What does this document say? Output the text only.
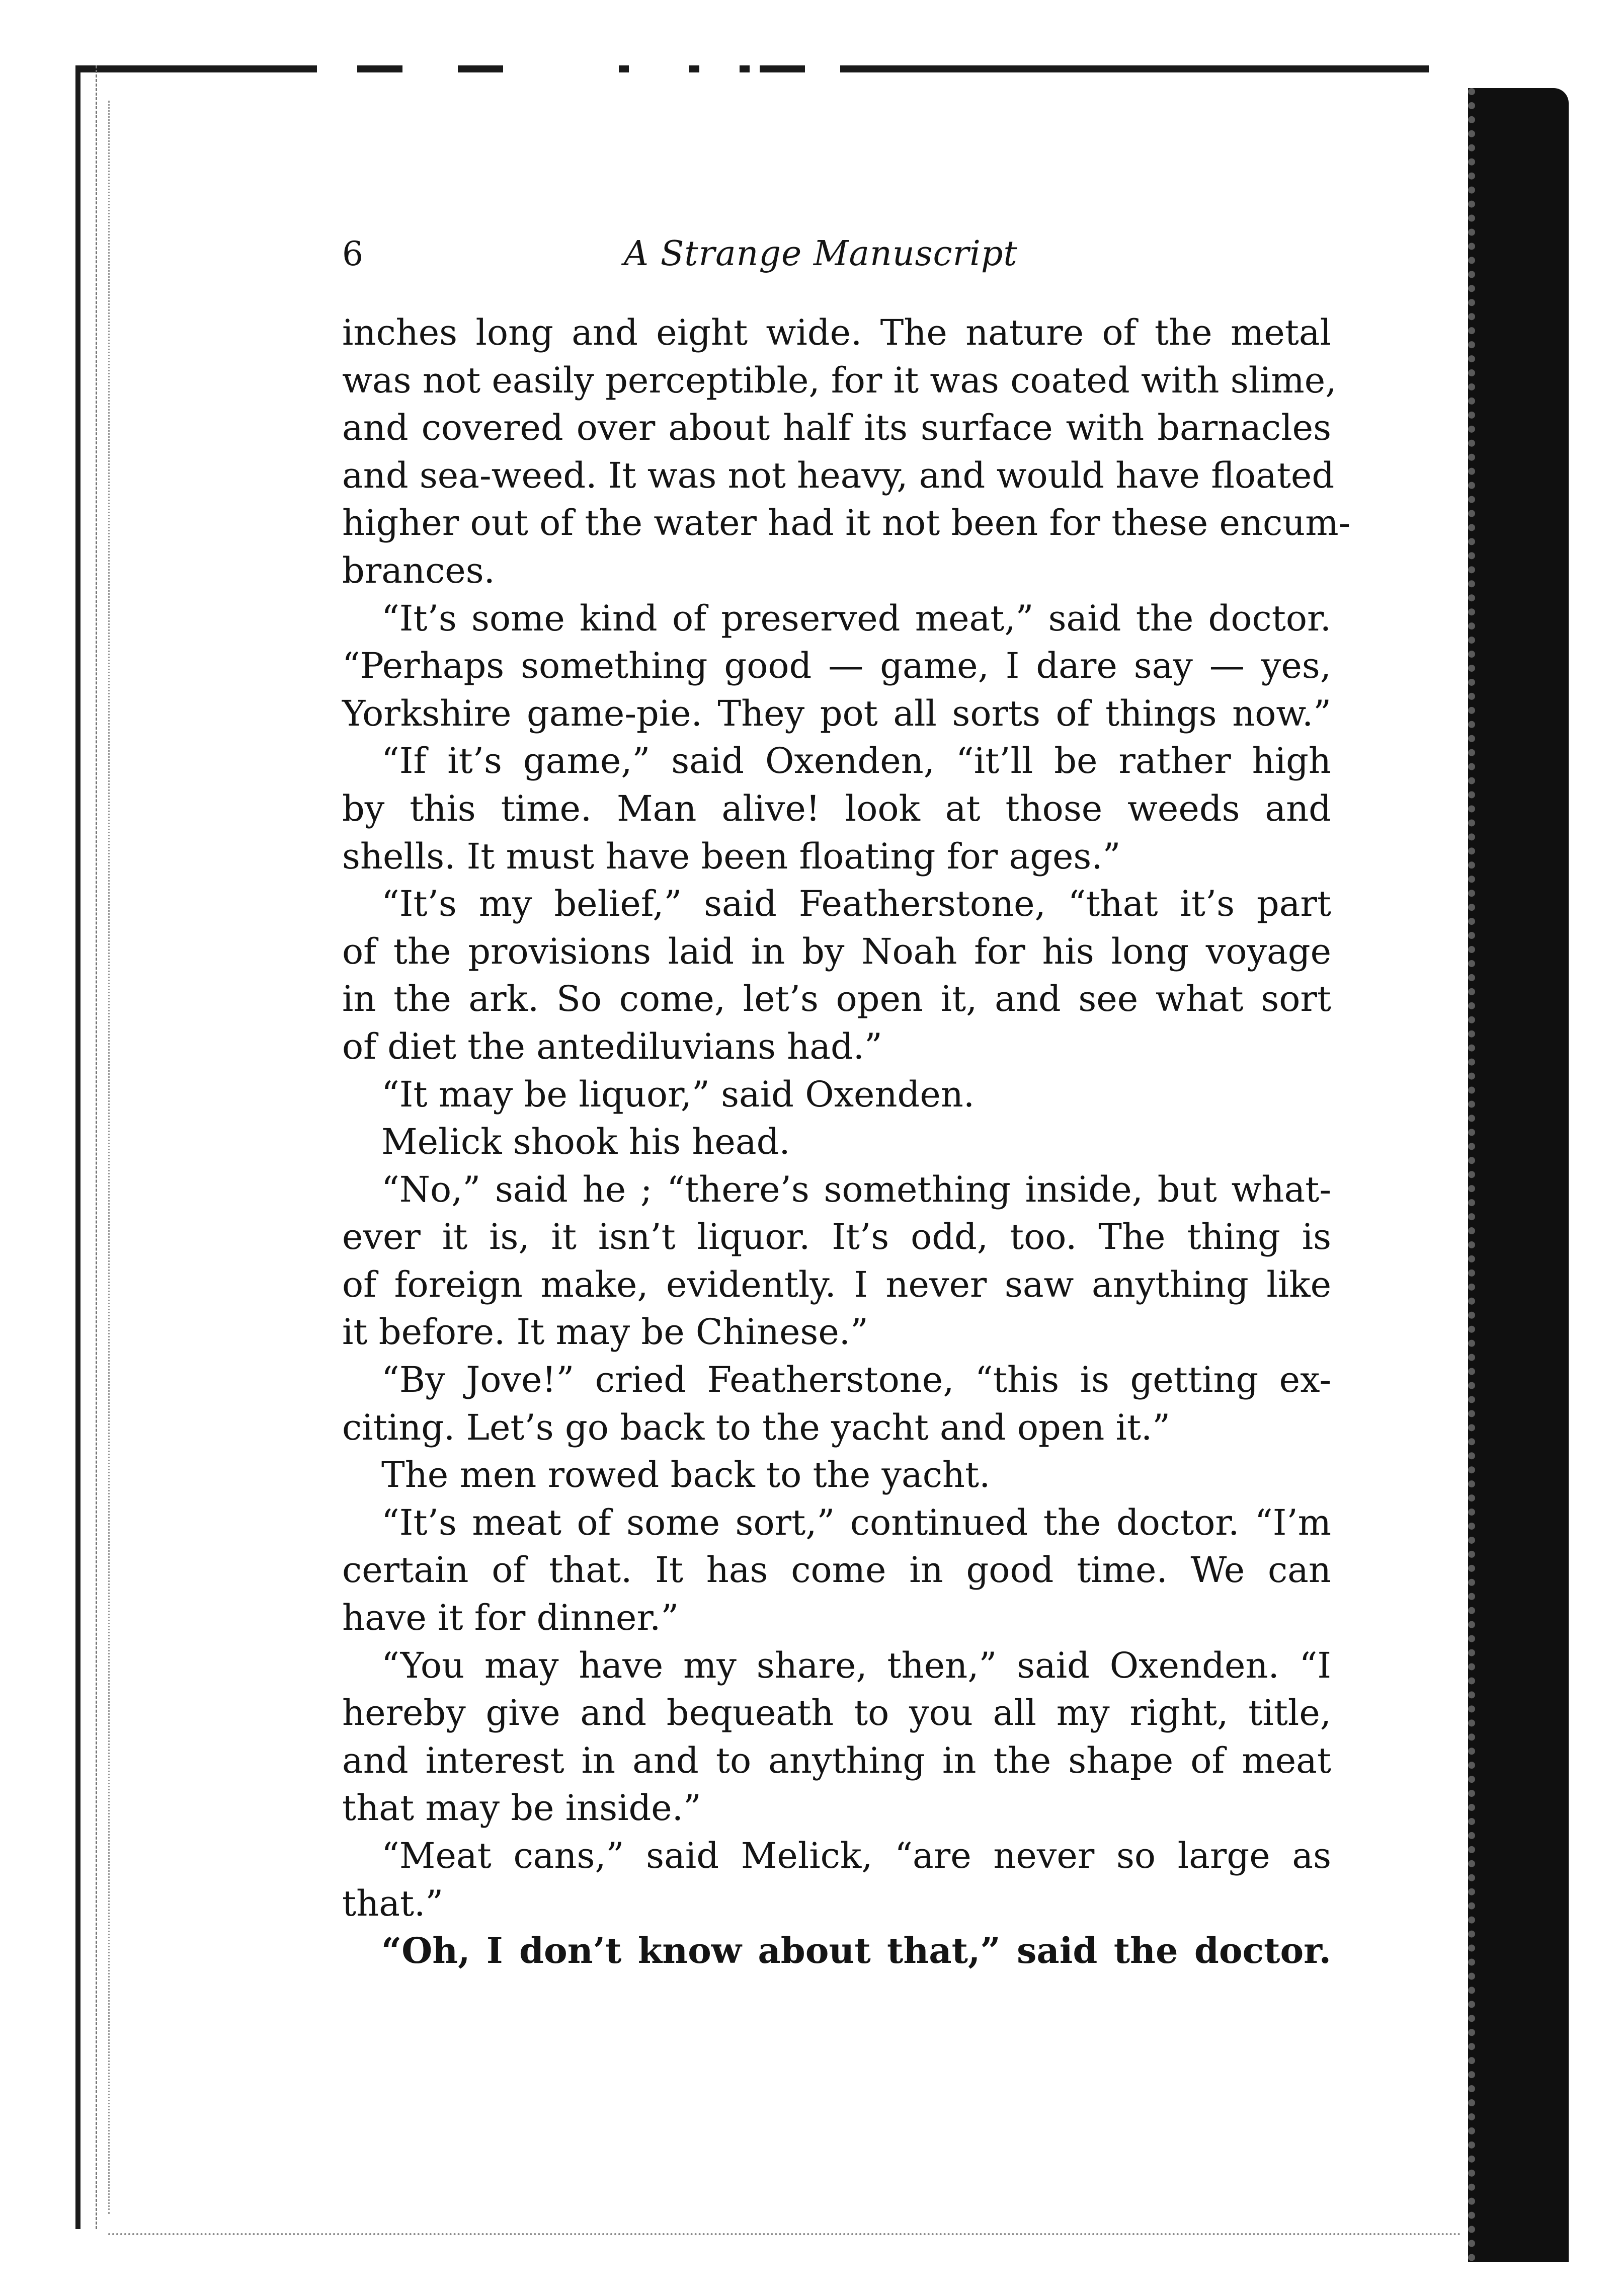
6	A Strange Manuscript
inches long and eight wide. The nature of the metal
was not easily perceptible, for it was coated with slime,
and covered over about half its surface with barnacles
and sea-weed. It was not heavy, and would have floated
higher out of the water had it not been for these encum-
brances.
“It’s some kind of preserved meat,” said the doctor.
“Perhaps something good — game, I dare say — yes,
Yorkshire game-pie. They pot all sorts of things now.”
“If it’s game,” said Oxenden, “it’ll be rather high
by this time. Man alive! look at those weeds and
shells. It must have been floating for ages.”
“It’s my belief,” said Featherstone, “that it’s part
of the provisions laid in by Noah for his long voyage
in the ark. So come, let’s open it, and see what sort
of diet the antediluvians had.”
“It may be liquor,” said Oxenden.
Melick shook his head.
“No,” said he ; “there’s something inside, but what-
ever it is, it isn’t liquor. It’s odd, too. The thing is
of foreign make, evidently. I never saw anything like
it before. It may be Chinese.”
“By Jove!” cried Featherstone, “this is getting ex-
citing. Let’s go back to the yacht and open it.”
The men rowed back to the yacht.
“It’s meat of some sort,” continued the doctor. “I’m
certain of that. It has come in good time. We can
have it for dinner.”
“You may have my share, then,” said Oxenden. “I
hereby give and bequeath to you all my right, title,
and interest in and to anything in the shape of meat
that may be inside.”
“Meat cans,” said Melick, “are never so large as
that.”
“Oh, I don’t know about that,” said the doctor.
